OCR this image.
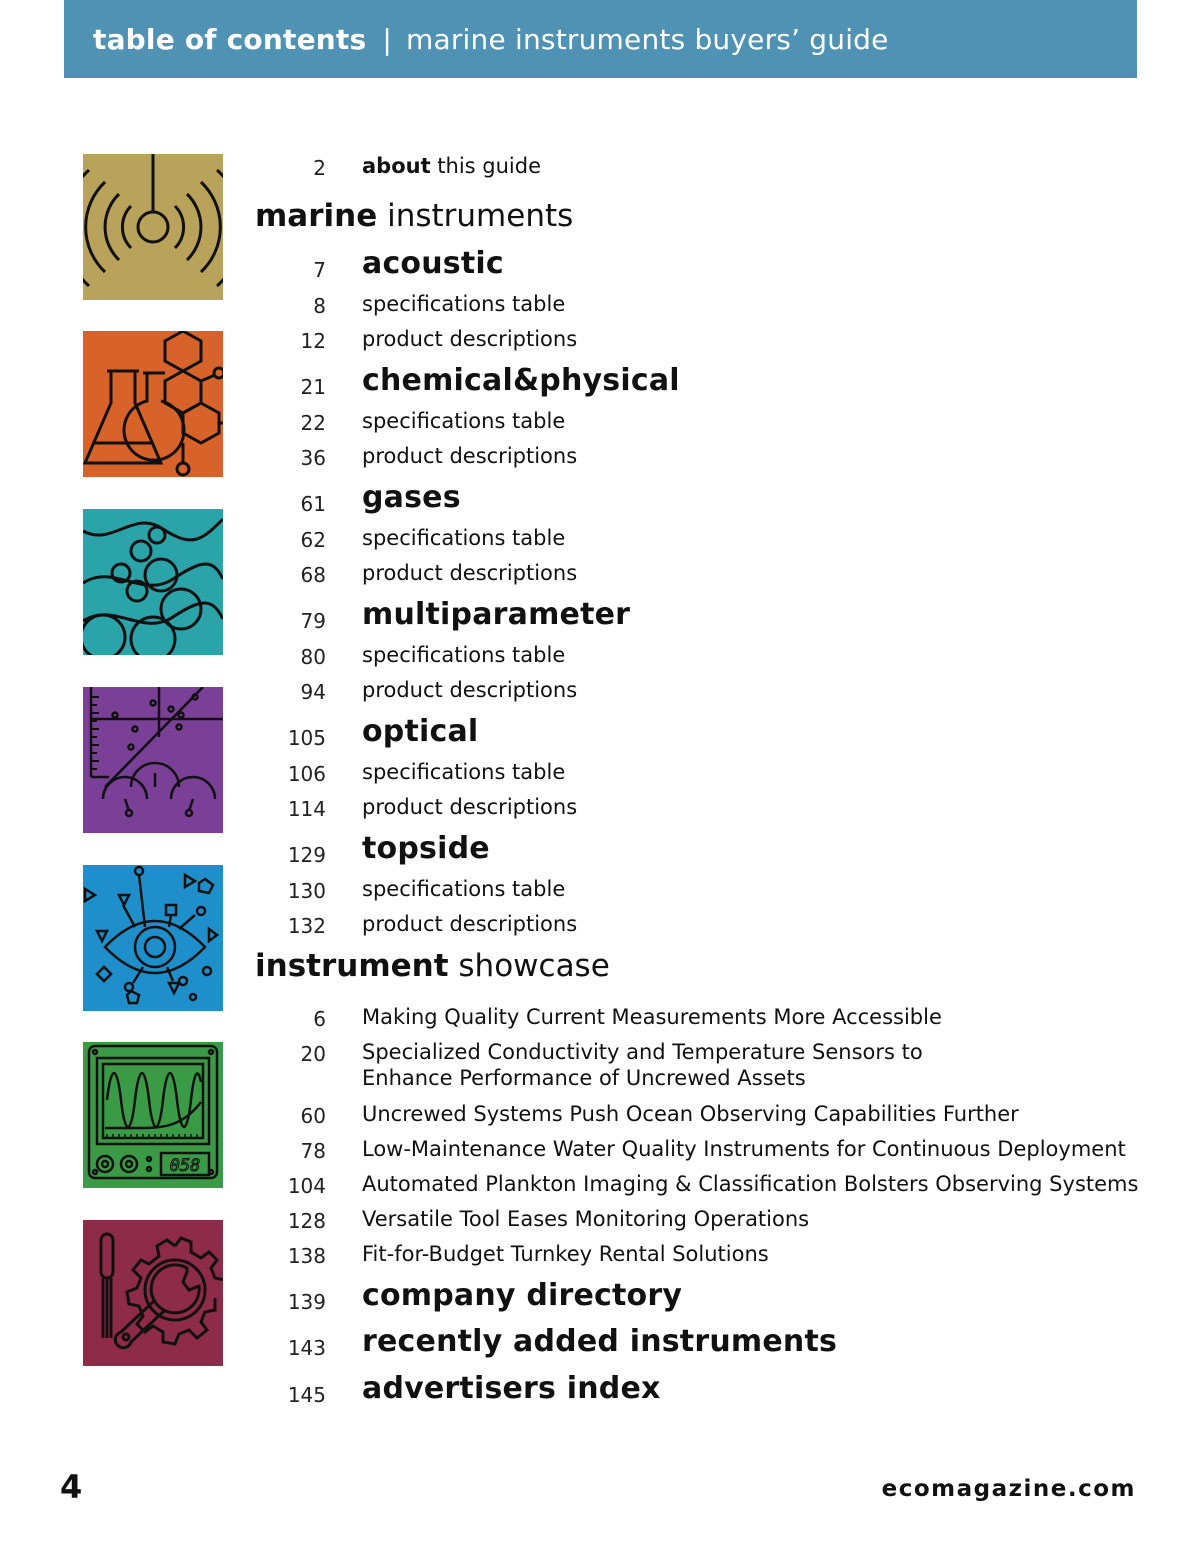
table of contents | marine instruments buyers’ guide
058
2 about this guide
marine instruments
7 acoustic
8 specifications table
12 product descriptions
21 chemical&physical
22 specifications table
36 product descriptions
61 gases
62 specifications table
68 product descriptions
79 multiparameter
80 specifications table
94 product descriptions
105 optical
106 specifications table
114 product descriptions
129 topside
130 specifications table
132 product descriptions
instrument showcase
6 Making Quality Current Measurements More Accessible
20 Specialized Conductivity and Temperature Sensors to
Enhance Performance of Uncrewed Assets
60 Uncrewed Systems Push Ocean Observing Capabilities Further
78 Low-Maintenance Water Quality Instruments for Continuous Deployment
104 Automated Plankton Imaging & Classification Bolsters Observing Systems
128 Versatile Tool Eases Monitoring Operations
138 Fit-for-Budget Turnkey Rental Solutions
139 company directory
143 recently added instruments
145 advertisers index
4	ecomagazine.com
